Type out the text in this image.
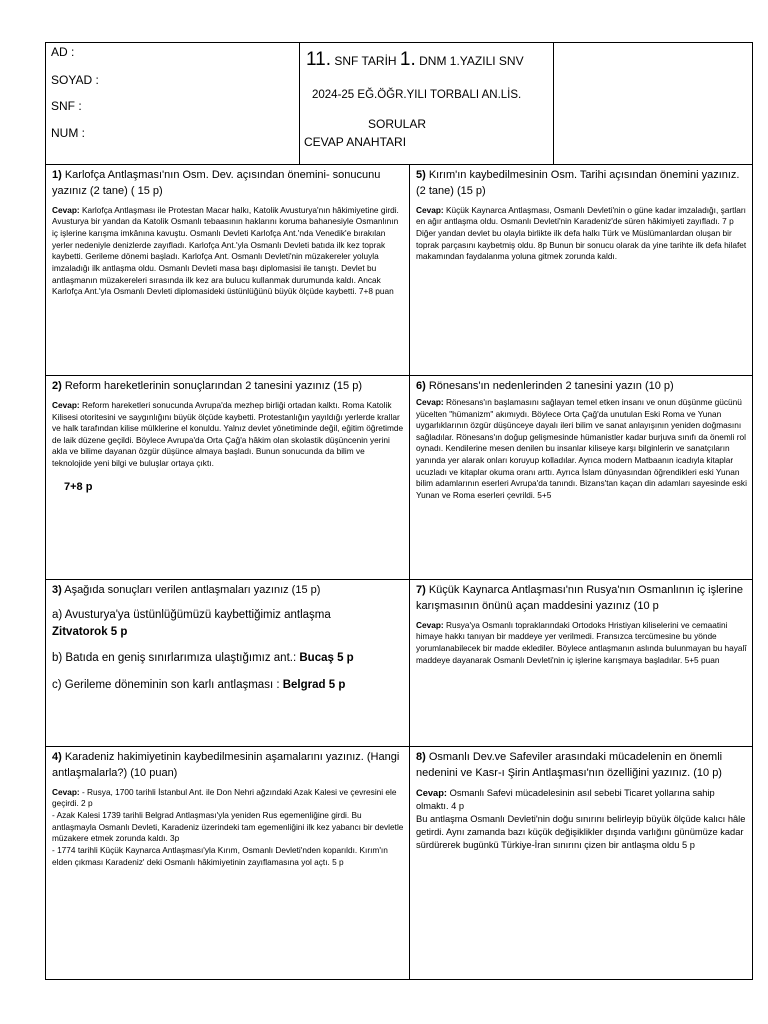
AD :
SOYAD :
SNF :
NUM :
11. SNF TARİH 1. DNM 1.YAZILI SNV
2024-25 EĞ.ÖĞR.YILI TORBALI AN.LİS.
SORULAR
CEVAP ANAHTARI
1) Karlofça Antlaşması'nın Osm. Dev. açısından önemini- sonucunu yazınız (2 tane) ( 15 p)

Cevap: Karlofça Antlaşması ile Protestan Macar halkı, Katolik Avusturya'nın hâkimiyetine girdi. Avusturya bir yandan da Katolik Osmanlı tebaasının haklarını koruma bahanesiyle Osmanlının iç işlerine karışma imkânına kavuştu. Osmanlı Devleti Karlofça Ant.'nda Venedik'e bırakılan yerler nedeniyle denizlerde zayıfladı. Karlofça Ant.'yla Osmanlı Devleti batıda ilk kez toprak kaybetti. Gerileme dönemi başladı. Karlofça Ant. Osmanlı Devleti'nin müzakereler yoluyla imzaladığı ilk antlaşma oldu. Osmanlı Devleti masa başı diplomasisi ile tanıştı. Devlet bu antlaşmanın müzakereleri sırasında ilk kez ara bulucu kullanmak durumunda kaldı. Ancak Karlofça Ant.'yla Osmanlı Devleti diplomasideki üstünlüğünü büyük ölçüde kaybetti. 7+8 puan

5) Kırım'ın kaybedilmesinin Osm. Tarihi açısından önemini yazınız.(2 tane) (15 p)

Cevap: Küçük Kaynarca Antlaşması, Osmanlı Devleti'nin o güne kadar imzaladığı, şartları en ağır antlaşma oldu. Osmanlı Devleti'nin Karadeniz'de süren hâkimiyeti zayıfladı. 7 p

Diğer yandan devlet bu olayla birlikte ilk defa halkı Türk ve Müslümanlardan oluşan bir toprak parçasını kaybetmiş oldu. 8p Bunun bir sonucu olarak da yine tarihte ilk defa hilafet makamından faydalanma yoluna gitmek zorunda kaldı.

2) Reform hareketlerinin sonuçlarından 2 tanesini yazınız (15 p)

Cevap: Reform hareketleri sonucunda Avrupa'da mezhep birliği ortadan kalktı. Roma Katolik Kilisesi otoritesini ve saygınlığını büyük ölçüde kaybetti. Protestanlığın yayıldığı yerlerde krallar ve halk tarafından kilise mülklerine el konuldu. Yalnız devlet yönetiminde değil, eğitim öğretimde de laik düzene geçildi. Böylece Avrupa'da Orta Çağ'a hâkim olan skolastik düşüncenin yerini akla ve bilime dayanan özgür düşünce almaya başladı. Bunun sonucunda da bilim ve teknolojide yeni bilgi ve buluşlar ortaya çıktı.

7+8 p
6) Rönesans'ın nedenlerinden 2 tanesini yazın (10 p)

Cevap: Rönesans'ın başlamasını sağlayan temel etken insanı ve onun düşünme gücünü yücelten "hümanizm" akımıydı. Böylece Orta Çağ'da unutulan Eski Roma ve Yunan uygarlıklarının özgür düşünceye dayalı ileri bilim ve sanat anlayışının yeniden doğmasını sağladılar. Rönesans'ın doğup gelişmesinde hümanistler kadar burjuva sınıfı da önemli rol oynadı. Kendilerine mesen denilen bu insanlar kiliseye karşı bilginlerin ve sanatçıların yanında yer alarak onları koruyup kolladılar. Ayrıca modern Matbaanın icadıyla kitaplar ucuzladı ve kitaplar okuma oranı arttı. Ayrıca İslam dünyasından öğrendikleri eski Yunan bilim adamlarının eserleri Avrupa'da tanındı. Bizans'tan kaçan din adamları sayesinde eski Yunan ve Roma eserleri çevrildi. 5+5

3) Aşağıda sonuçları verilen antlaşmaları yazınız (15 p)
a) Avusturya'ya üstünlüğümüzü kaybettiğimiz antlaşma
Zitvatorok 5 p
b) Batıda en geniş sınırlarımıza ulaştığımız ant.: Bucaş 5 p
c) Gerileme döneminin son karlı antlaşması : Belgrad 5 p
7) Küçük Kaynarca Antlaşması'nın Rusya'nın Osmanlının iç işlerine karışmasının önünü açan maddesini yazınız (10 p

Cevap: Rusya'ya Osmanlı topraklarındaki Ortodoks Hristiyan kiliselerini ve cemaatini himaye hakkı tanıyan bir maddeye yer verilmedi. Fransızca tercümesine bu yönde yorumlanabilecek bir madde eklediler. Böylece antlaşmanın aslında bulunmayan bu hayalî maddeye dayanarak Osmanlı Devleti'nin iç işlerine karışmaya başladılar. 5+5 puan

4) Karadeniz hakimiyetinin kaybedilmesinin aşamalarını yazınız. (Hangi antlaşmalarla?) (10 puan)

Cevap: - Rusya, 1700 tarihli İstanbul Ant. ile Don Nehri ağzındaki Azak Kalesi ve çevresini ele geçirdi. 2 p

- Azak Kalesi 1739 tarihli Belgrad Antlaşması'yla yeniden Rus egemenliğine girdi. Bu antlaşmayla Osmanlı Devleti, Karadeniz üzerindeki tam egemenliğini ilk kez yabancı bir devletle müzakere etmek zorunda kaldı. 3p

- 1774 tarihli Küçük Kaynarca Antlaşması'yla Kırım, Osmanlı Devleti'nden koparıldı. Kırım'ın elden çıkması Karadeniz' deki Osmanlı hâkimiyetinin zayıflamasına yol açtı. 5 p

8) Osmanlı Dev.ve Safeviler arasındaki mücadelenin en önemli nedenini ve Kasr-ı Şirin Antlaşması'nın özelliğini yazınız. (10 p)

Cevap: Osmanlı Safevi mücadelesinin asıl sebebi Ticaret yollarına sahip olmaktı. 4 p

Bu antlaşma Osmanlı Devleti'nin doğu sınırını belirleyip büyük ölçüde kalıcı hâle getirdi. Aynı zamanda bazı küçük değişiklikler dışında varlığını günümüze kadar sürdürerek bugünkü Türkiye-İran sınırını çizen bir antlaşma oldu 5 p
